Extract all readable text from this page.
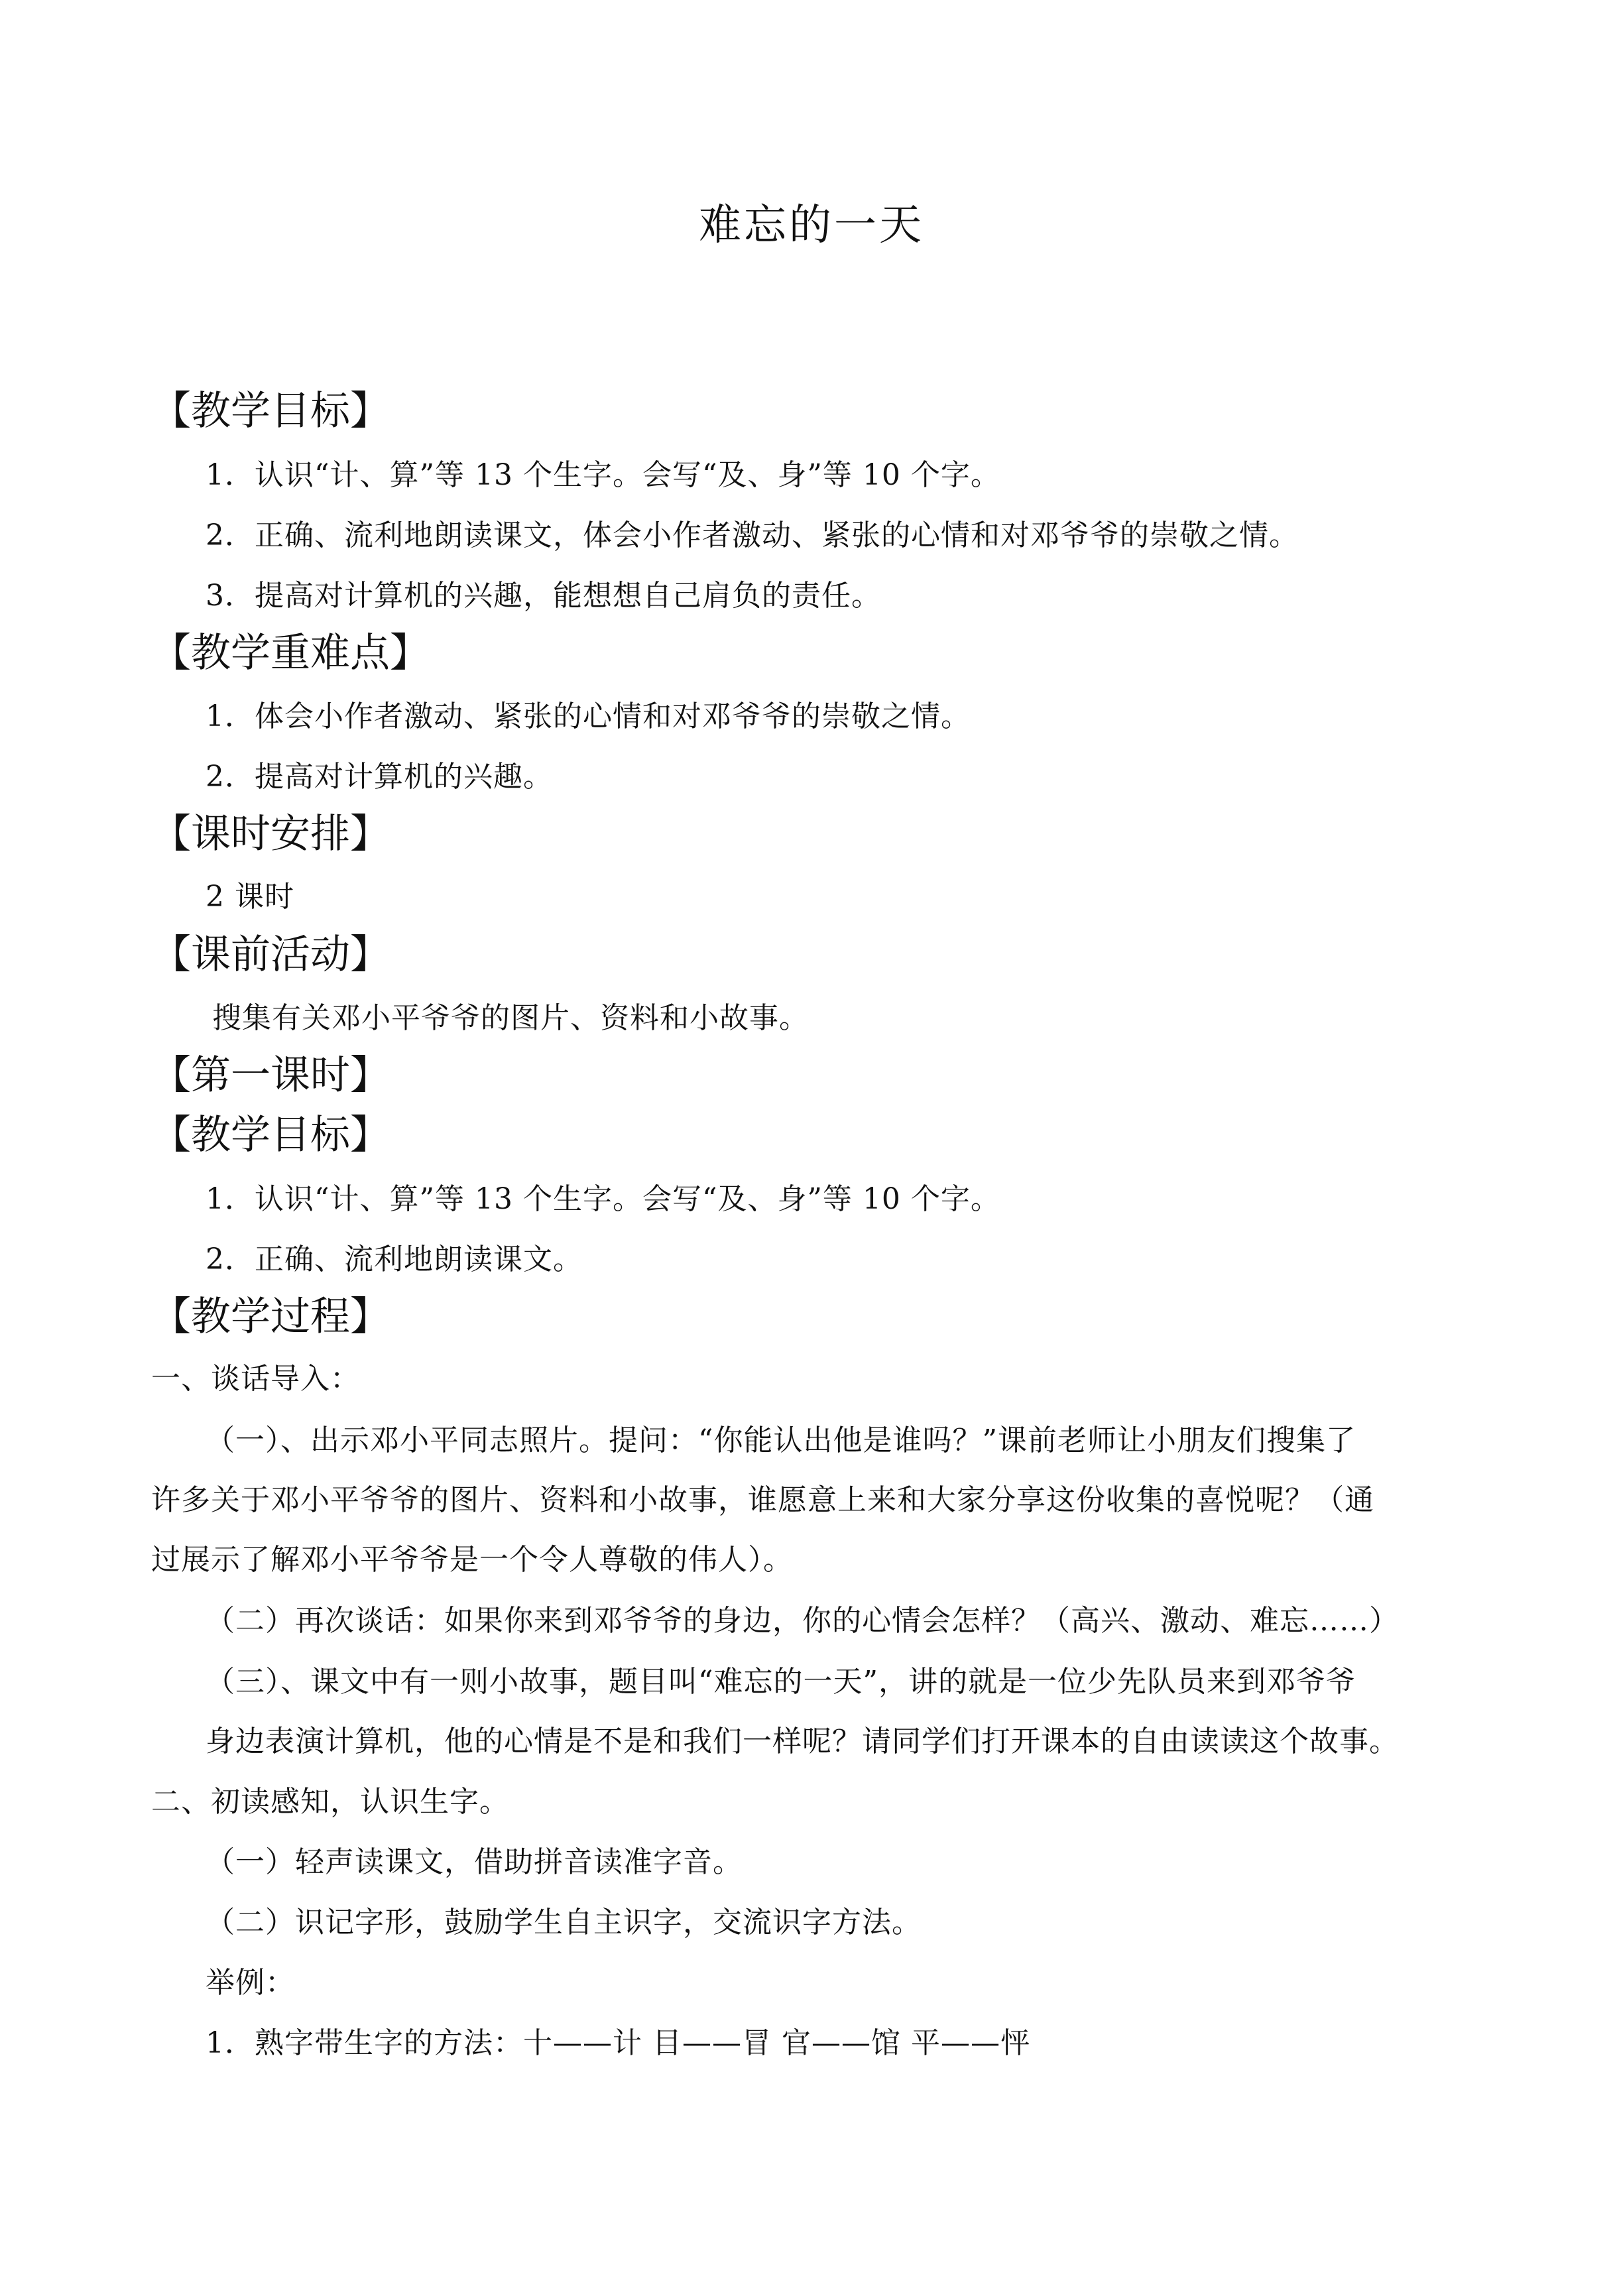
难忘的一天
【教学目标】
1．认识“计、算”等 13 个生字。会写“及、身”等 10 个字。
2．正确、流利地朗读课文，体会小作者激动、紧张的心情和对邓爷爷的崇敬之情。
3．提高对计算机的兴趣，能想想自己肩负的责任。
【教学重难点】
1．体会小作者激动、紧张的心情和对邓爷爷的崇敬之情。
2．提高对计算机的兴趣。
【课时安排】
2 课时
【课前活动】
搜集有关邓小平爷爷的图片、资料和小故事。
【第一课时】
【教学目标】
1．认识“计、算”等 13 个生字。会写“及、身”等 10 个字。
2．正确、流利地朗读课文。
【教学过程】
一、谈话导入：
（一）、出示邓小平同志照片。提问：“你能认出他是谁吗？”课前老师让小朋友们搜集了
许多关于邓小平爷爷的图片、资料和小故事，谁愿意上来和大家分享这份收集的喜悦呢？（通
过展示了解邓小平爷爷是一个令人尊敬的伟人）。
（二）再次谈话：如果你来到邓爷爷的身边，你的心情会怎样？（高兴、激动、难忘……）
（三）、课文中有一则小故事，题目叫“难忘的一天”，讲的就是一位少先队员来到邓爷爷
身边表演计算机，他的心情是不是和我们一样呢？请同学们打开课本的自由读读这个故事。
二、初读感知，认识生字。
（一）轻声读课文，借助拼音读准字音。
（二）识记字形，鼓励学生自主识字，交流识字方法。
举例：
1．熟字带生字的方法：十——计 目——冒 官——馆 平——怦
